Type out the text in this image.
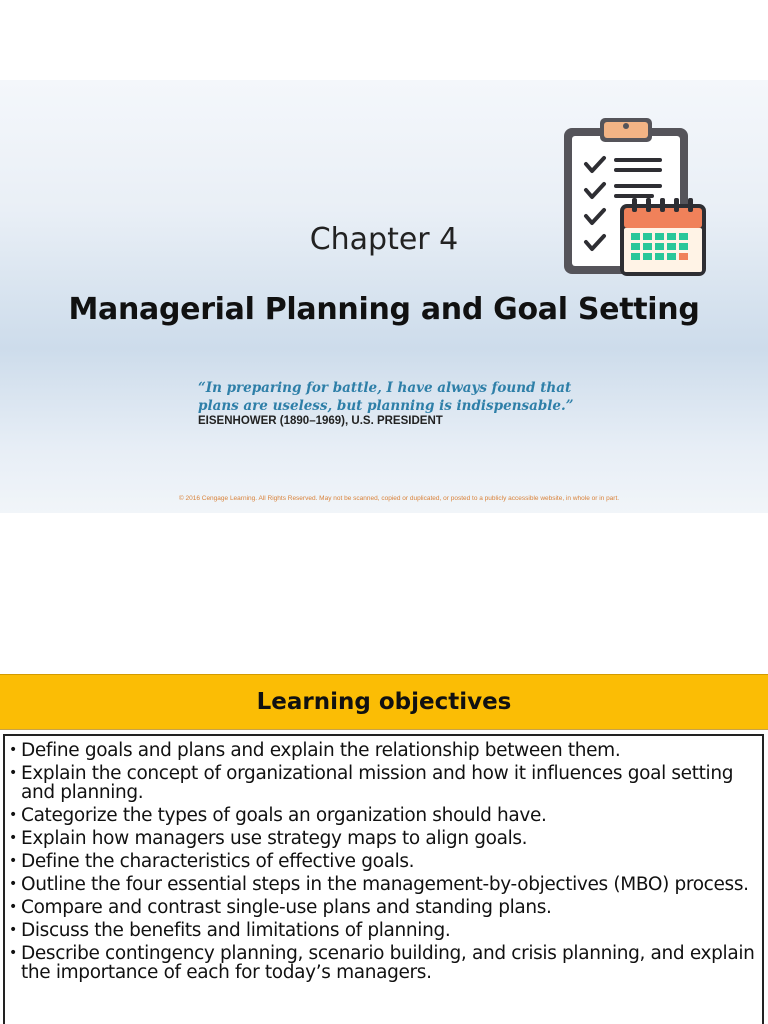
Chapter 4
Managerial Planning and Goal Setting
“In preparing for battle, I have always found that
plans are useless, but planning is indispensable.”
EISENHOWER (1890–1969), U.S. PRESIDENT
© 2016 Cengage Learning. All Rights Reserved. May not be scanned, copied or duplicated, or posted to a publicly accessible website, in whole or in part.
Learning objectives
• Define goals and plans and explain the relationship between them.
• Explain the concept of organizational mission and how it influences goal setting and planning.
• Categorize the types of goals an organization should have.
• Explain how managers use strategy maps to align goals.
• Define the characteristics of effective goals.
• Outline the four essential steps in the management-by-objectives (MBO) process.
• Compare and contrast single-use plans and standing plans.
• Discuss the benefits and limitations of planning.
• Describe contingency planning, scenario building, and crisis planning, and explain the importance of each for today’s managers.
